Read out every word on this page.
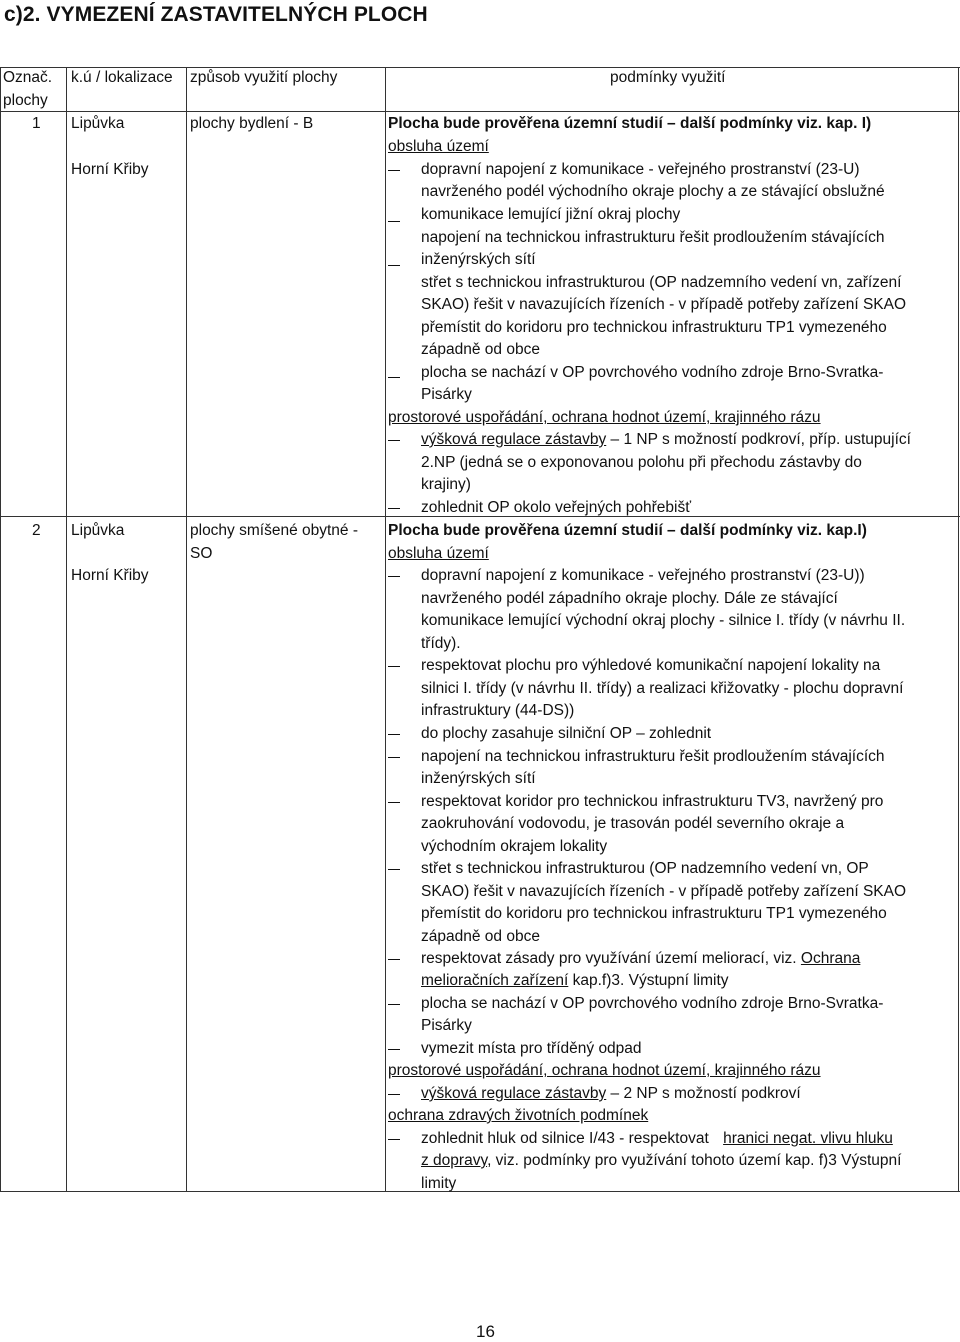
c)2. VYMEZENÍ ZASTAVITELNÝCH PLOCH
Označ.
plochy
k.ú / lokalizace způsob využití plochy	podmínky využití
1 Lipůvka
Horní Křiby
plochy bydlení - B	Plocha bude prověřena územní studií – další podmínky viz. kap. I)
obsluha území
dopravní napojení z komunikace - veřejného prostranství (23-U)
navrženého podél východního okraje plochy a ze stávající obslužné
komunikace lemující jižní okraj plochy
napojení na technickou infrastrukturu řešit prodloužením stávajících
inženýrských sítí
střet s technickou infrastrukturou (OP nadzemního vedení vn, zařízení
SKAO) řešit v navazujících řízeních - v případě potřeby zařízení SKAO
přemístit do koridoru pro technickou infrastrukturu TP1 vymezeného
západně od obce
plocha se nachází v OP povrchového vodního zdroje Brno-Svratka-
Pisárky
prostorové uspořádání, ochrana hodnot území, krajinného rázu
výšková regulace zástavby – 1 NP s možností podkroví, příp. ustupující
2.NP (jedná se o exponovanou polohu při přechodu zástavby do
krajiny)
zohlednit OP okolo veřejných pohřebišť
2 Lipůvka
Horní Křiby
plochy smíšené obytné -
SO
Plocha bude prověřena územní studií – další podmínky viz. kap.I)
obsluha území
dopravní napojení z komunikace - veřejného prostranství (23-U))
navrženého podél západního okraje plochy. Dále ze stávající
komunikace lemující východní okraj plochy - silnice I. třídy (v návrhu II.
třídy).
respektovat plochu pro výhledové komunikační napojení lokality na
silnici I. třídy (v návrhu II. třídy) a realizaci křižovatky - plochu dopravní
infrastruktury (44-DS))
do plochy zasahuje silniční OP – zohlednit
napojení na technickou infrastrukturu řešit prodloužením stávajících
inženýrských sítí
respektovat koridor pro technickou infrastrukturu TV3, navržený pro
zaokruhování vodovodu, je trasován podél severního okraje a
východním okrajem lokality
střet s technickou infrastrukturou (OP nadzemního vedení vn, OP
SKAO) řešit v navazujících řízeních - v případě potřeby zařízení SKAO
přemístit do koridoru pro technickou infrastrukturu TP1 vymezeného
západně od obce
respektovat zásady pro využívání území meliorací, viz. Ochrana
melioračních zařízení kap.f)3. Výstupní limity
plocha se nachází v OP povrchového vodního zdroje Brno-Svratka-
Pisárky
vymezit místa pro tříděný odpad
prostorové uspořádání, ochrana hodnot území, krajinného rázu
výšková regulace zástavby – 2 NP s možností podkroví
ochrana zdravých životních podmínek
zohlednit hluk od silnice I/43 - respektovat hranici negat. vlivu hluku
z dopravy, viz. podmínky pro využívání tohoto území kap. f)3 Výstupní
limity
16
